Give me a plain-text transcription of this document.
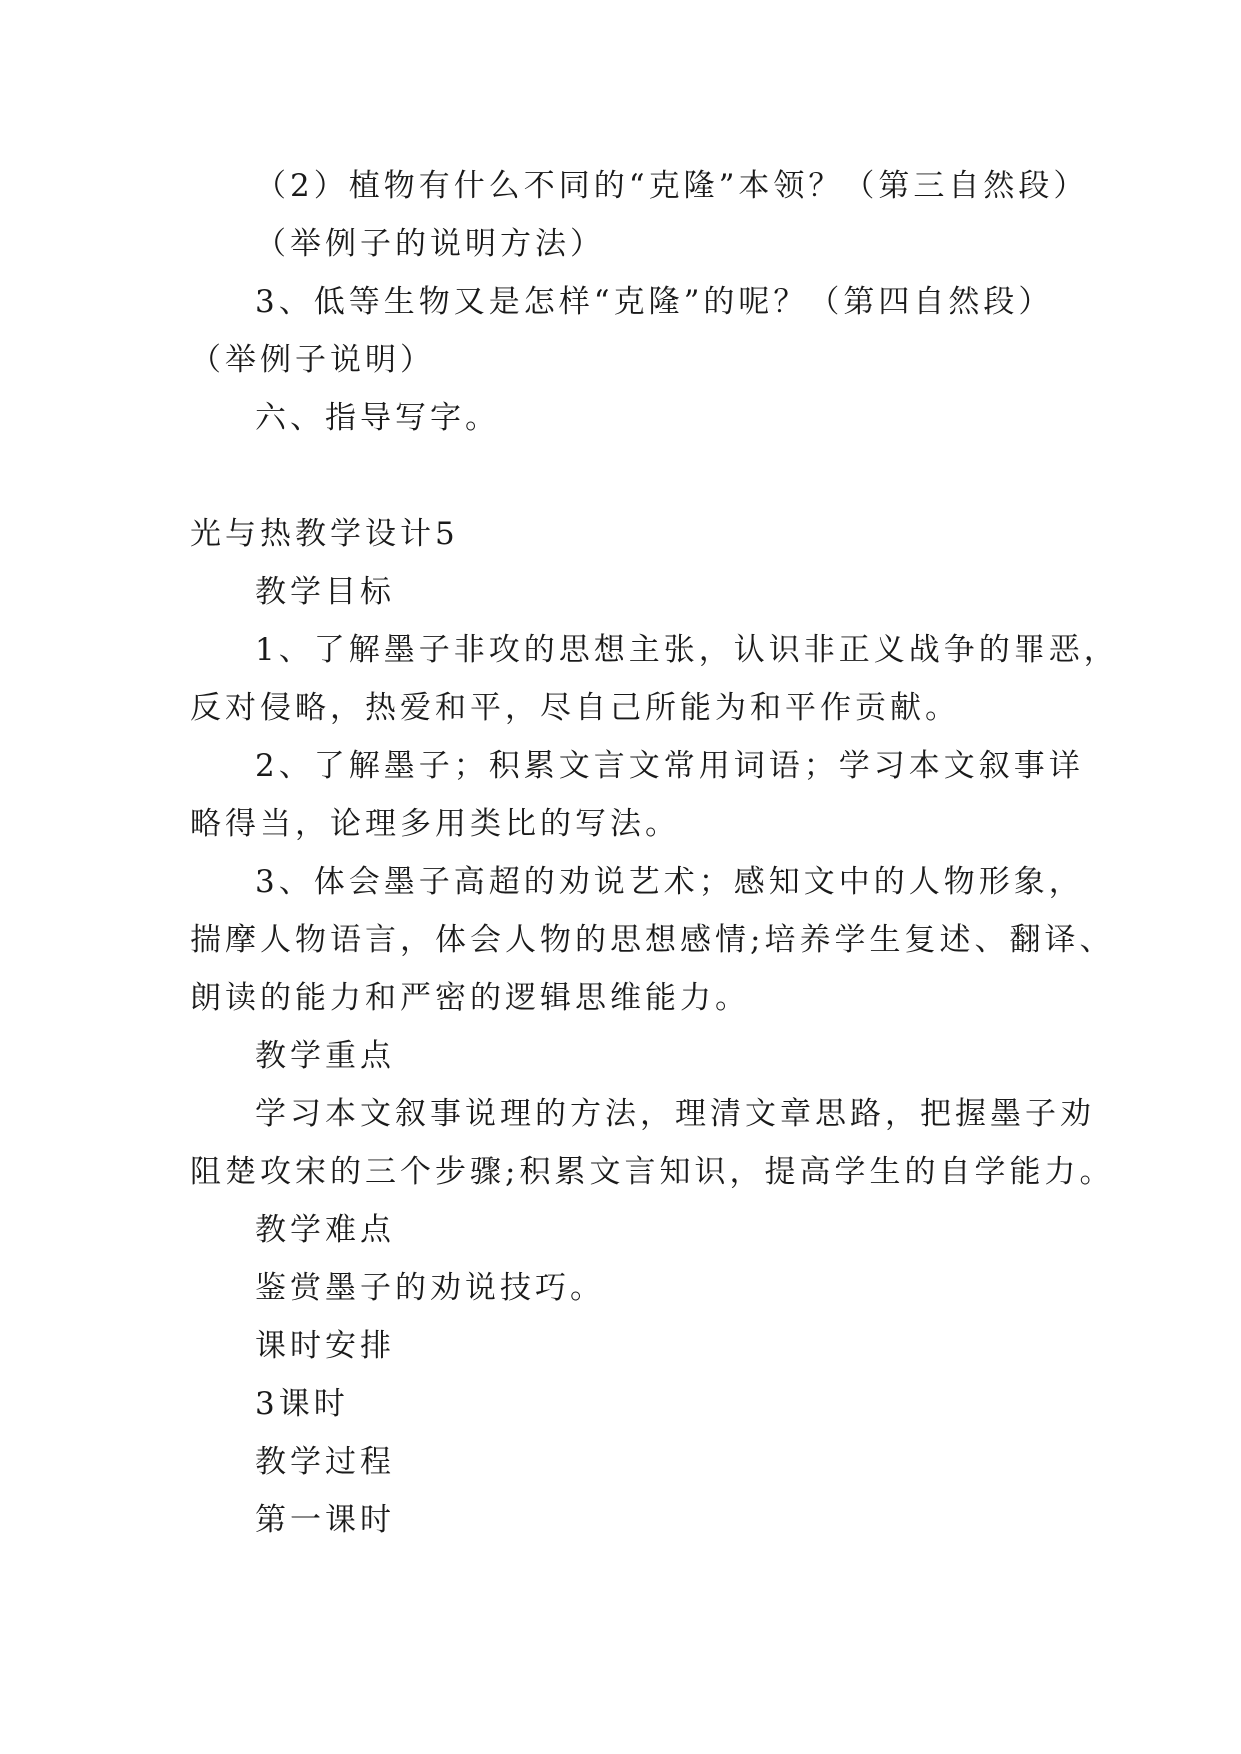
（2）植物有什么不同的“克隆”本领？（第三自然段）

（举例子的说明方法）

3、低等生物又是怎样“克隆”的呢？（第四自然段）

（举例子说明）

六、指导写字。

光与热教学设计5

教学目标

1、了解墨子非攻的思想主张，认识非正义战争的罪恶，

反对侵略，热爱和平，尽自己所能为和平作贡献。

2、了解墨子；积累文言文常用词语；学习本文叙事详

略得当，论理多用类比的写法。

3、体会墨子高超的劝说艺术；感知文中的人物形象，

揣摩人物语言，体会人物的思想感情;培养学生复述、翻译、

朗读的能力和严密的逻辑思维能力。

教学重点

学习本文叙事说理的方法，理清文章思路，把握墨子劝

阻楚攻宋的三个步骤;积累文言知识，提高学生的自学能力。

教学难点

鉴赏墨子的劝说技巧。

课时安排

3课时

教学过程

第一课时
